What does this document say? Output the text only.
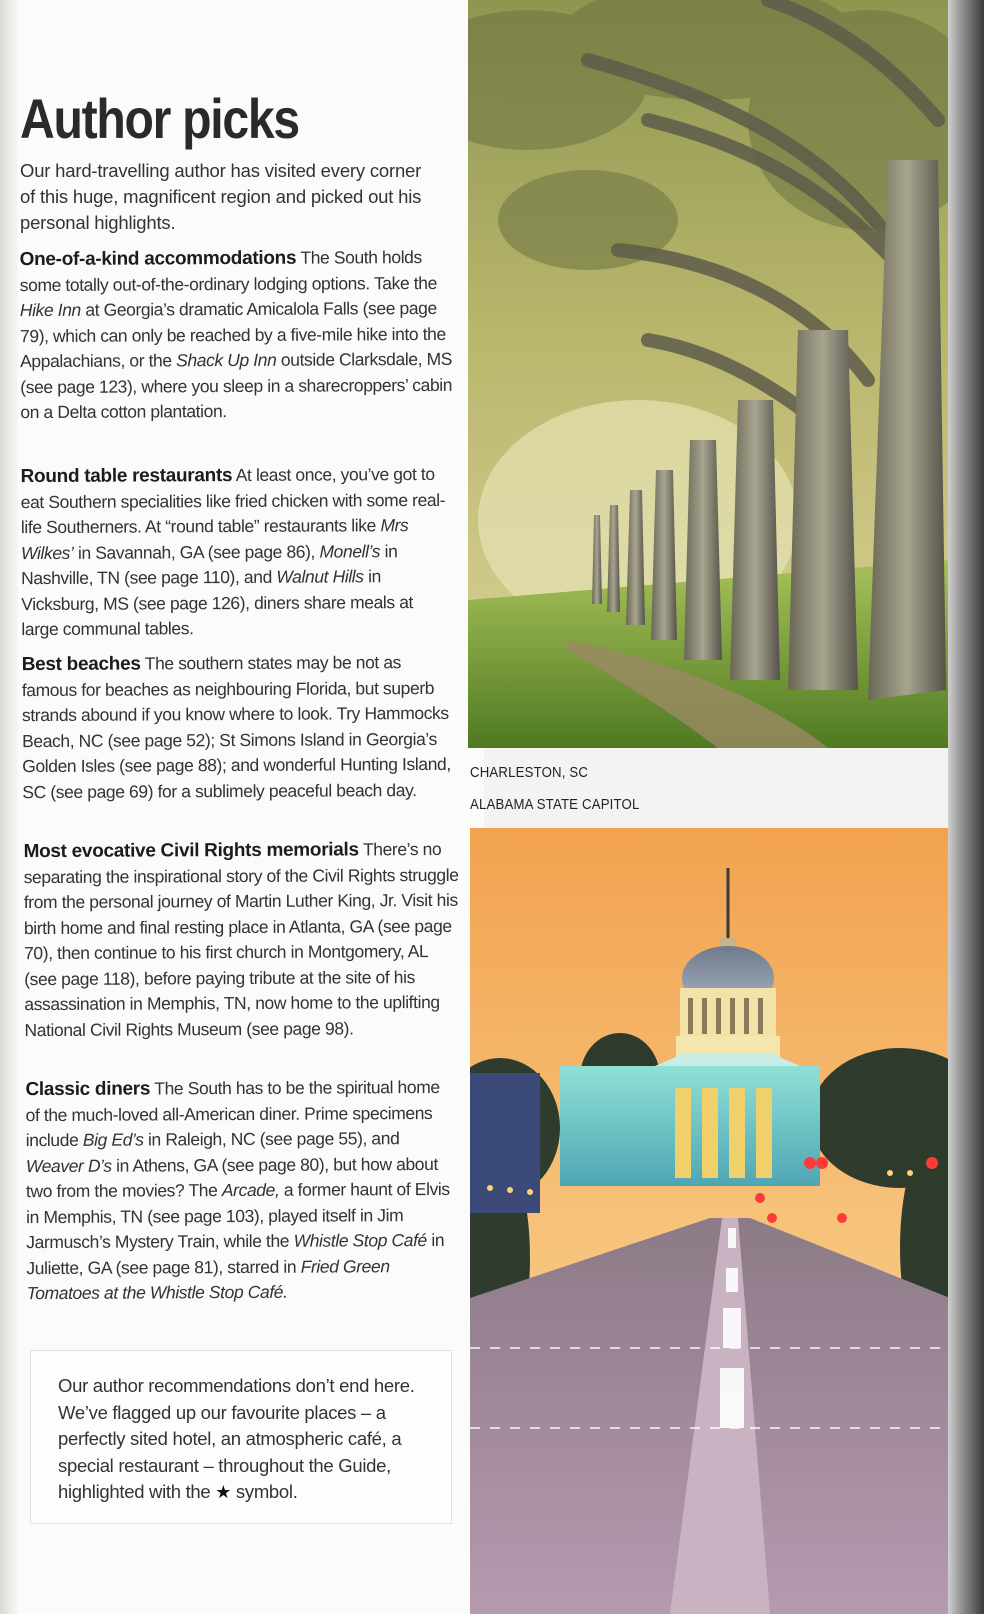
Author picks

Our hard-travelling author has visited every corner of this huge, magnificent region and picked out his personal highlights.

One-of-a-kind accommodations The South holds some totally out-of-the-ordinary lodging options. Take the Hike Inn at Georgia’s dramatic Amicalola Falls (see page 79), which can only be reached by a five-mile hike into the Appalachians, or the Shack Up Inn outside Clarksdale, MS (see page 123), where you sleep in a sharecroppers’ cabin on a Delta cotton plantation.

Round table restaurants At least once, you’ve got to eat Southern specialities like fried chicken with some real-life Southerners. At “round table” restaurants like Mrs Wilkes’ in Savannah, GA (see page 86), Monell’s in Nashville, TN (see page 110), and Walnut Hills in Vicksburg, MS (see page 126), diners share meals at large communal tables.

Best beaches The southern states may be not as famous for beaches as neighbouring Florida, but superb strands abound if you know where to look. Try Hammocks Beach, NC (see page 52); St Simons Island in Georgia’s Golden Isles (see page 88); and wonderful Hunting Island, SC (see page 69) for a sublimely peaceful beach day.

Most evocative Civil Rights memorials There’s no separating the inspirational story of the Civil Rights struggle from the personal journey of Martin Luther King, Jr. Visit his birth home and final resting place in Atlanta, GA (see page 70), then continue to his first church in Montgomery, AL (see page 118), before paying tribute at the site of his assassination in Memphis, TN, now home to the uplifting National Civil Rights Museum (see page 98).

Classic diners The South has to be the spiritual home of the much-loved all-American diner. Prime specimens include Big Ed’s in Raleigh, NC (see page 55), and Weaver D’s in Athens, GA (see page 80), but how about two from the movies? The Arcade, a former haunt of Elvis in Memphis, TN (see page 103), played itself in Jim Jarmusch’s Mystery Train, while the Whistle Stop Café in Juliette, GA (see page 81), starred in Fried Green Tomatoes at the Whistle Stop Café.

Our author recommendations don’t end here. We’ve flagged up our favourite places – a perfectly sited hotel, an atmospheric café, a special restaurant – throughout the Guide, highlighted with the ★ symbol.

CHARLESTON, SC

ALABAMA STATE CAPITOL
